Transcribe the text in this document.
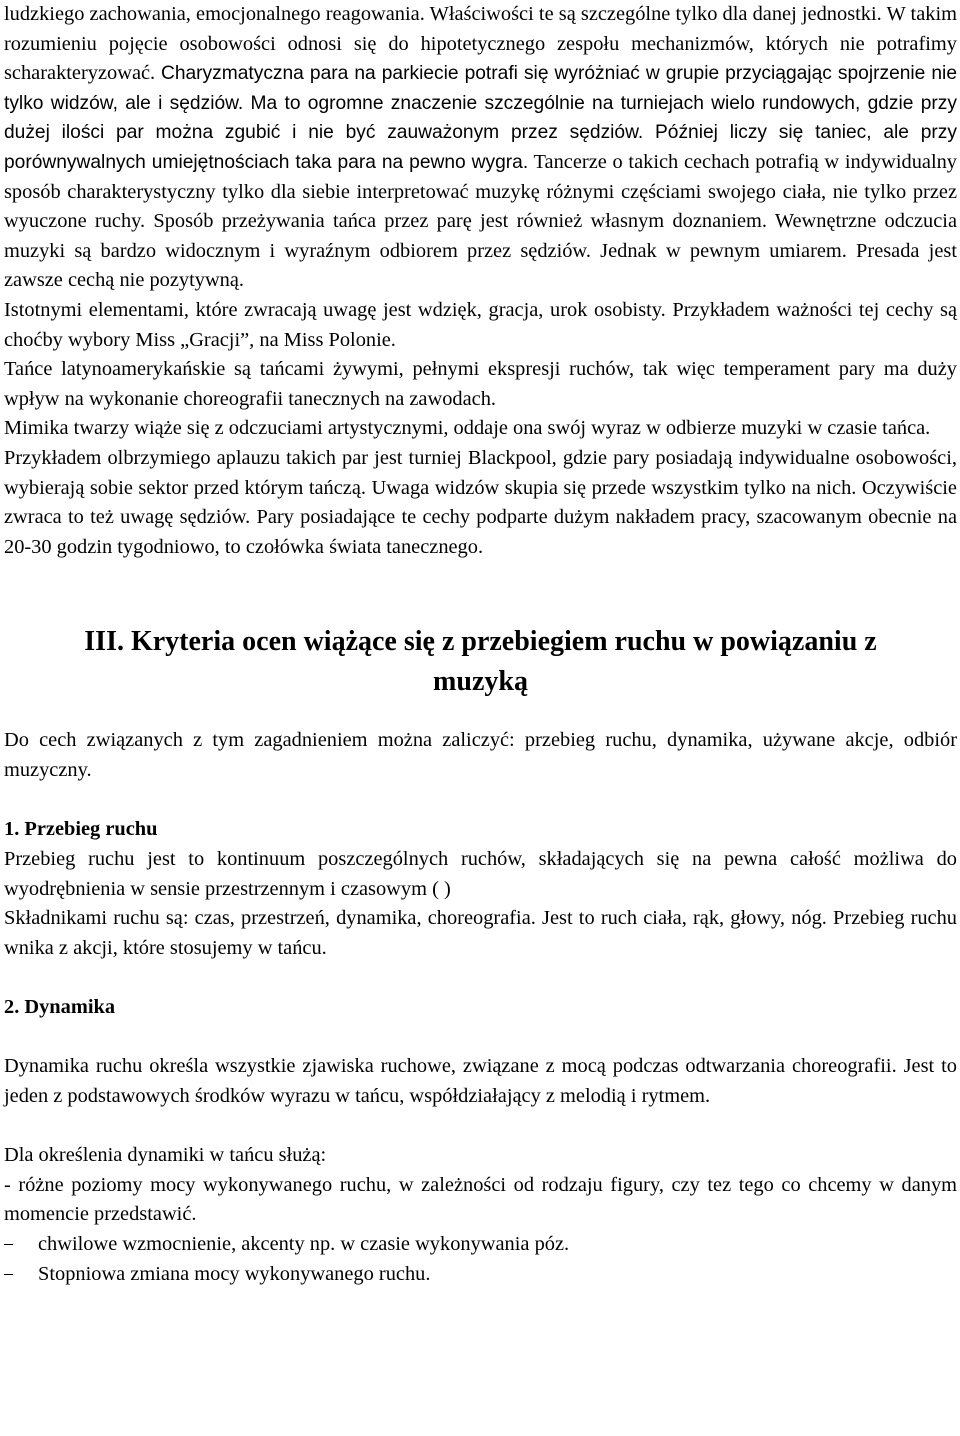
ludzkiego zachowania, emocjonalnego reagowania. Właściwości te są szczególne tylko dla danej jednostki. W takim rozumieniu pojęcie osobowości odnosi się do hipotetycznego zespołu mechanizmów, których nie potrafimy scharakteryzować. Charyzmatyczna para na parkiecie potrafi się wyróżniać w grupie przyciągając spojrzenie nie tylko widzów, ale i sędziów. Ma to ogromne znaczenie szczególnie na turniejach wielo rundowych, gdzie przy dużej ilości par można zgubić i nie być zauważonym przez sędziów. Później liczy się taniec, ale przy porównywalnych umiejętnościach taka para na pewno wygra. Tancerze o takich cechach potrafią w indywidualny sposób charakterystyczny tylko dla siebie interpretować muzykę różnymi częściami swojego ciała, nie tylko przez wyuczone ruchy. Sposób przeżywania tańca przez parę jest również własnym doznaniem. Wewnętrzne odczucia muzyki są bardzo widocznym i wyraźnym odbiorem przez sędziów. Jednak w pewnym umiarem. Presada jest zawsze cechą nie pozytywną.

Istotnymi elementami, które zwracają uwagę jest wdzięk, gracja, urok osobisty. Przykładem ważności tej cechy są choćby wybory Miss „Gracji”, na Miss Polonie.

Tańce latynoamerykańskie są tańcami żywymi, pełnymi ekspresji ruchów, tak więc temperament pary ma duży wpływ na wykonanie choreografii tanecznych na zawodach.

Mimika twarzy wiąże się z odczuciami artystycznymi, oddaje ona swój wyraz w odbierze muzyki w czasie tańca.

Przykładem olbrzymiego aplauzu takich par jest turniej Blackpool, gdzie pary posiadają indywidualne osobowości, wybierają sobie sektor przed którym tańczą. Uwaga widzów skupia się przede wszystkim tylko na nich. Oczywiście zwraca to też uwagę sędziów. Pary posiadające te cechy podparte dużym nakładem pracy, szacowanym obecnie na 20-30 godzin tygodniowo, to czołówka świata tanecznego.

III. Kryteria ocen wiążące się z przebiegiem ruchu w powiązaniu z
muzyką

Do cech związanych z tym zagadnieniem można zaliczyć: przebieg ruchu, dynamika, używane akcje, odbiór muzyczny.

1. Przebieg ruchu

Przebieg ruchu jest to kontinuum poszczególnych ruchów, składających się na pewna całość możliwa do wyodrębnienia w sensie przestrzennym i czasowym ( )

Składnikami ruchu są: czas, przestrzeń, dynamika, choreografia. Jest to ruch ciała, rąk, głowy, nóg. Przebieg ruchu wnika z akcji, które stosujemy w tańcu.

2. Dynamika

Dynamika ruchu określa wszystkie zjawiska ruchowe, związane z mocą podczas odtwarzania choreografii. Jest to jeden z podstawowych środków wyrazu w tańcu, współdziałający z melodią i rytmem.

Dla określenia dynamiki w tańcu służą:

- różne poziomy mocy wykonywanego ruchu, w zależności od rodzaju figury, czy tez tego co chcemy w danym momencie przedstawić.

chwilowe wzmocnienie, akcenty np. w czasie wykonywania póz.
Stopniowa zmiana mocy wykonywanego ruchu.
